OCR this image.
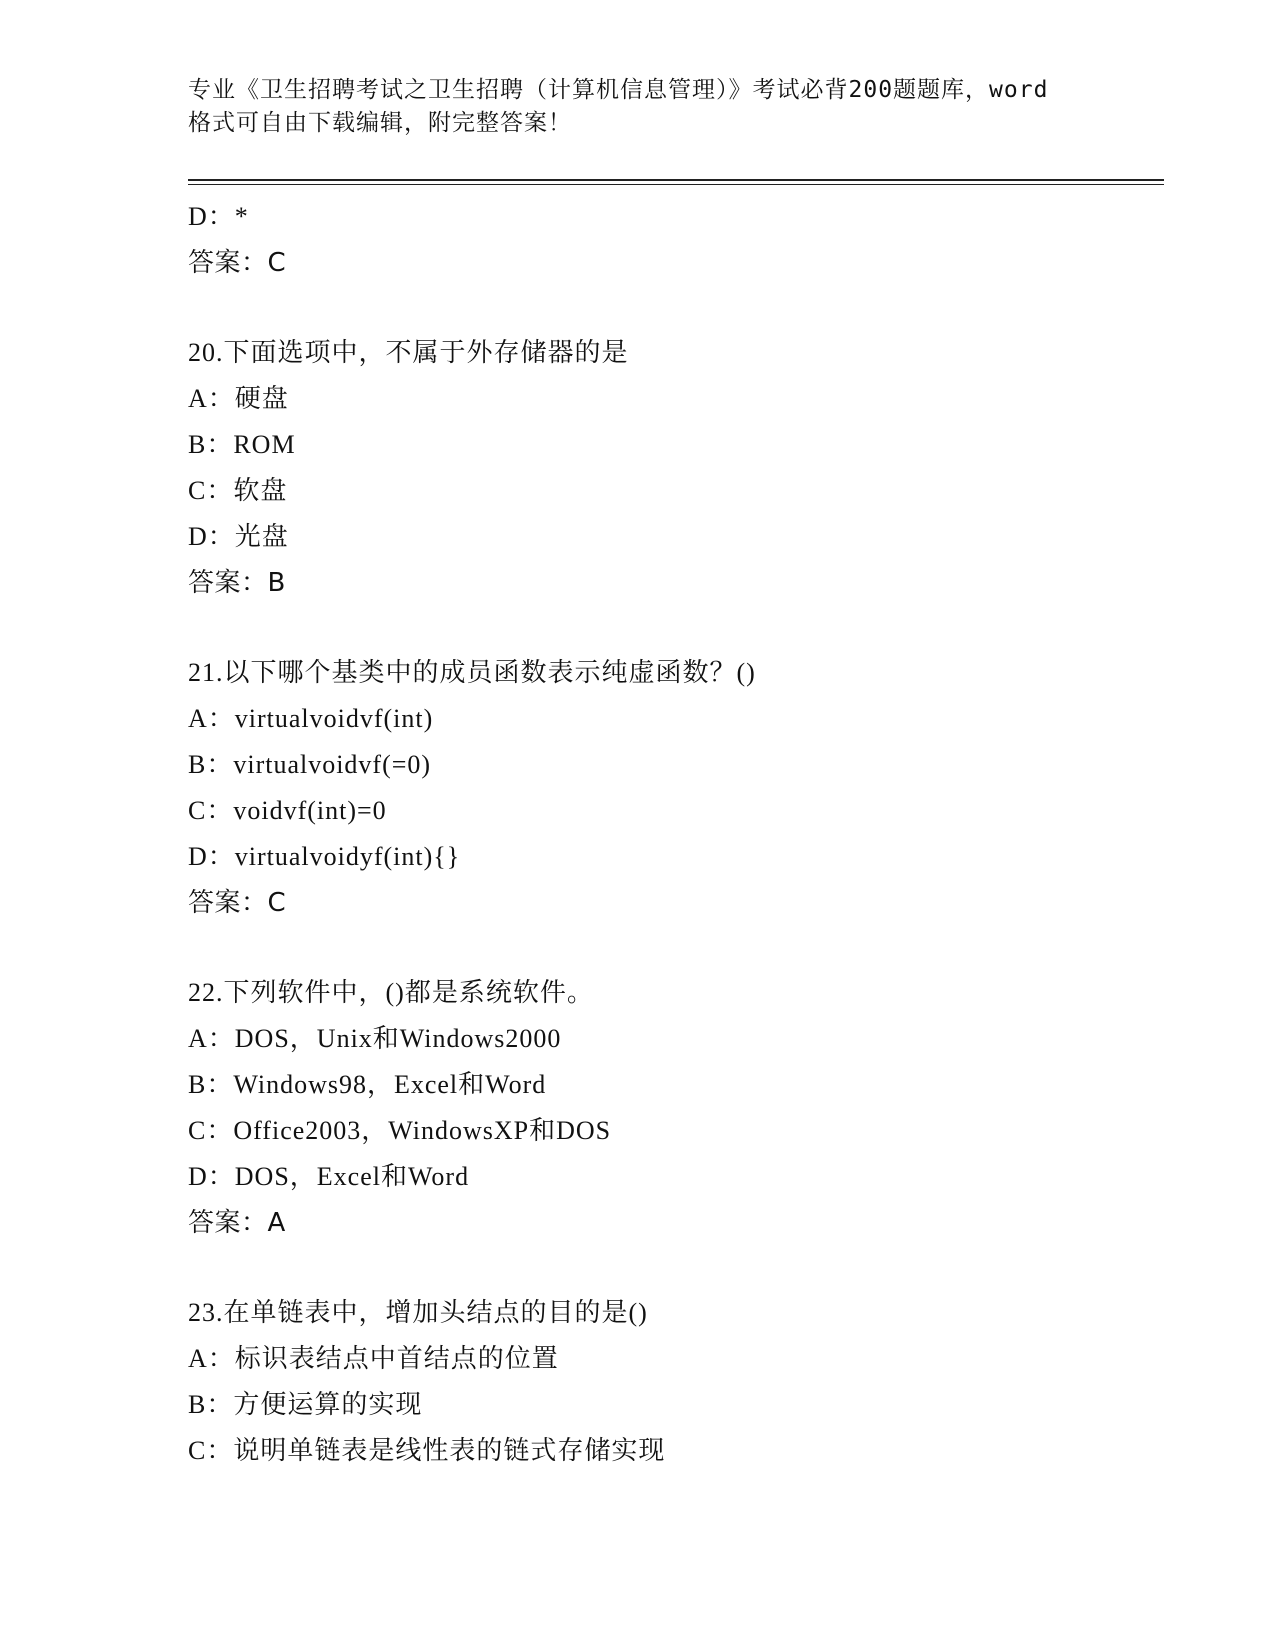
专业《卫生招聘考试之卫生招聘（计算机信息管理）》考试必背200题题库，word
格式可自由下载编辑，附完整答案！
D：*
答案：C
20.下面选项中，不属于外存储器的是
A：硬盘
B：ROM
C：软盘
D：光盘
答案：B
21.以下哪个基类中的成员函数表示纯虚函数？()
A：virtualvoidvf(int)
B：virtualvoidvf(=0)
C：voidvf(int)=0
D：virtualvoidyf(int){}
答案：C
22.下列软件中，()都是系统软件。
A：DOS，Unix和Windows2000
B：Windows98，Excel和Word
C：Office2003，WindowsXP和DOS
D：DOS，Excel和Word
答案：A
23.在单链表中，增加头结点的目的是()
A：标识表结点中首结点的位置
B：方便运算的实现
C：说明单链表是线性表的链式存储实现
